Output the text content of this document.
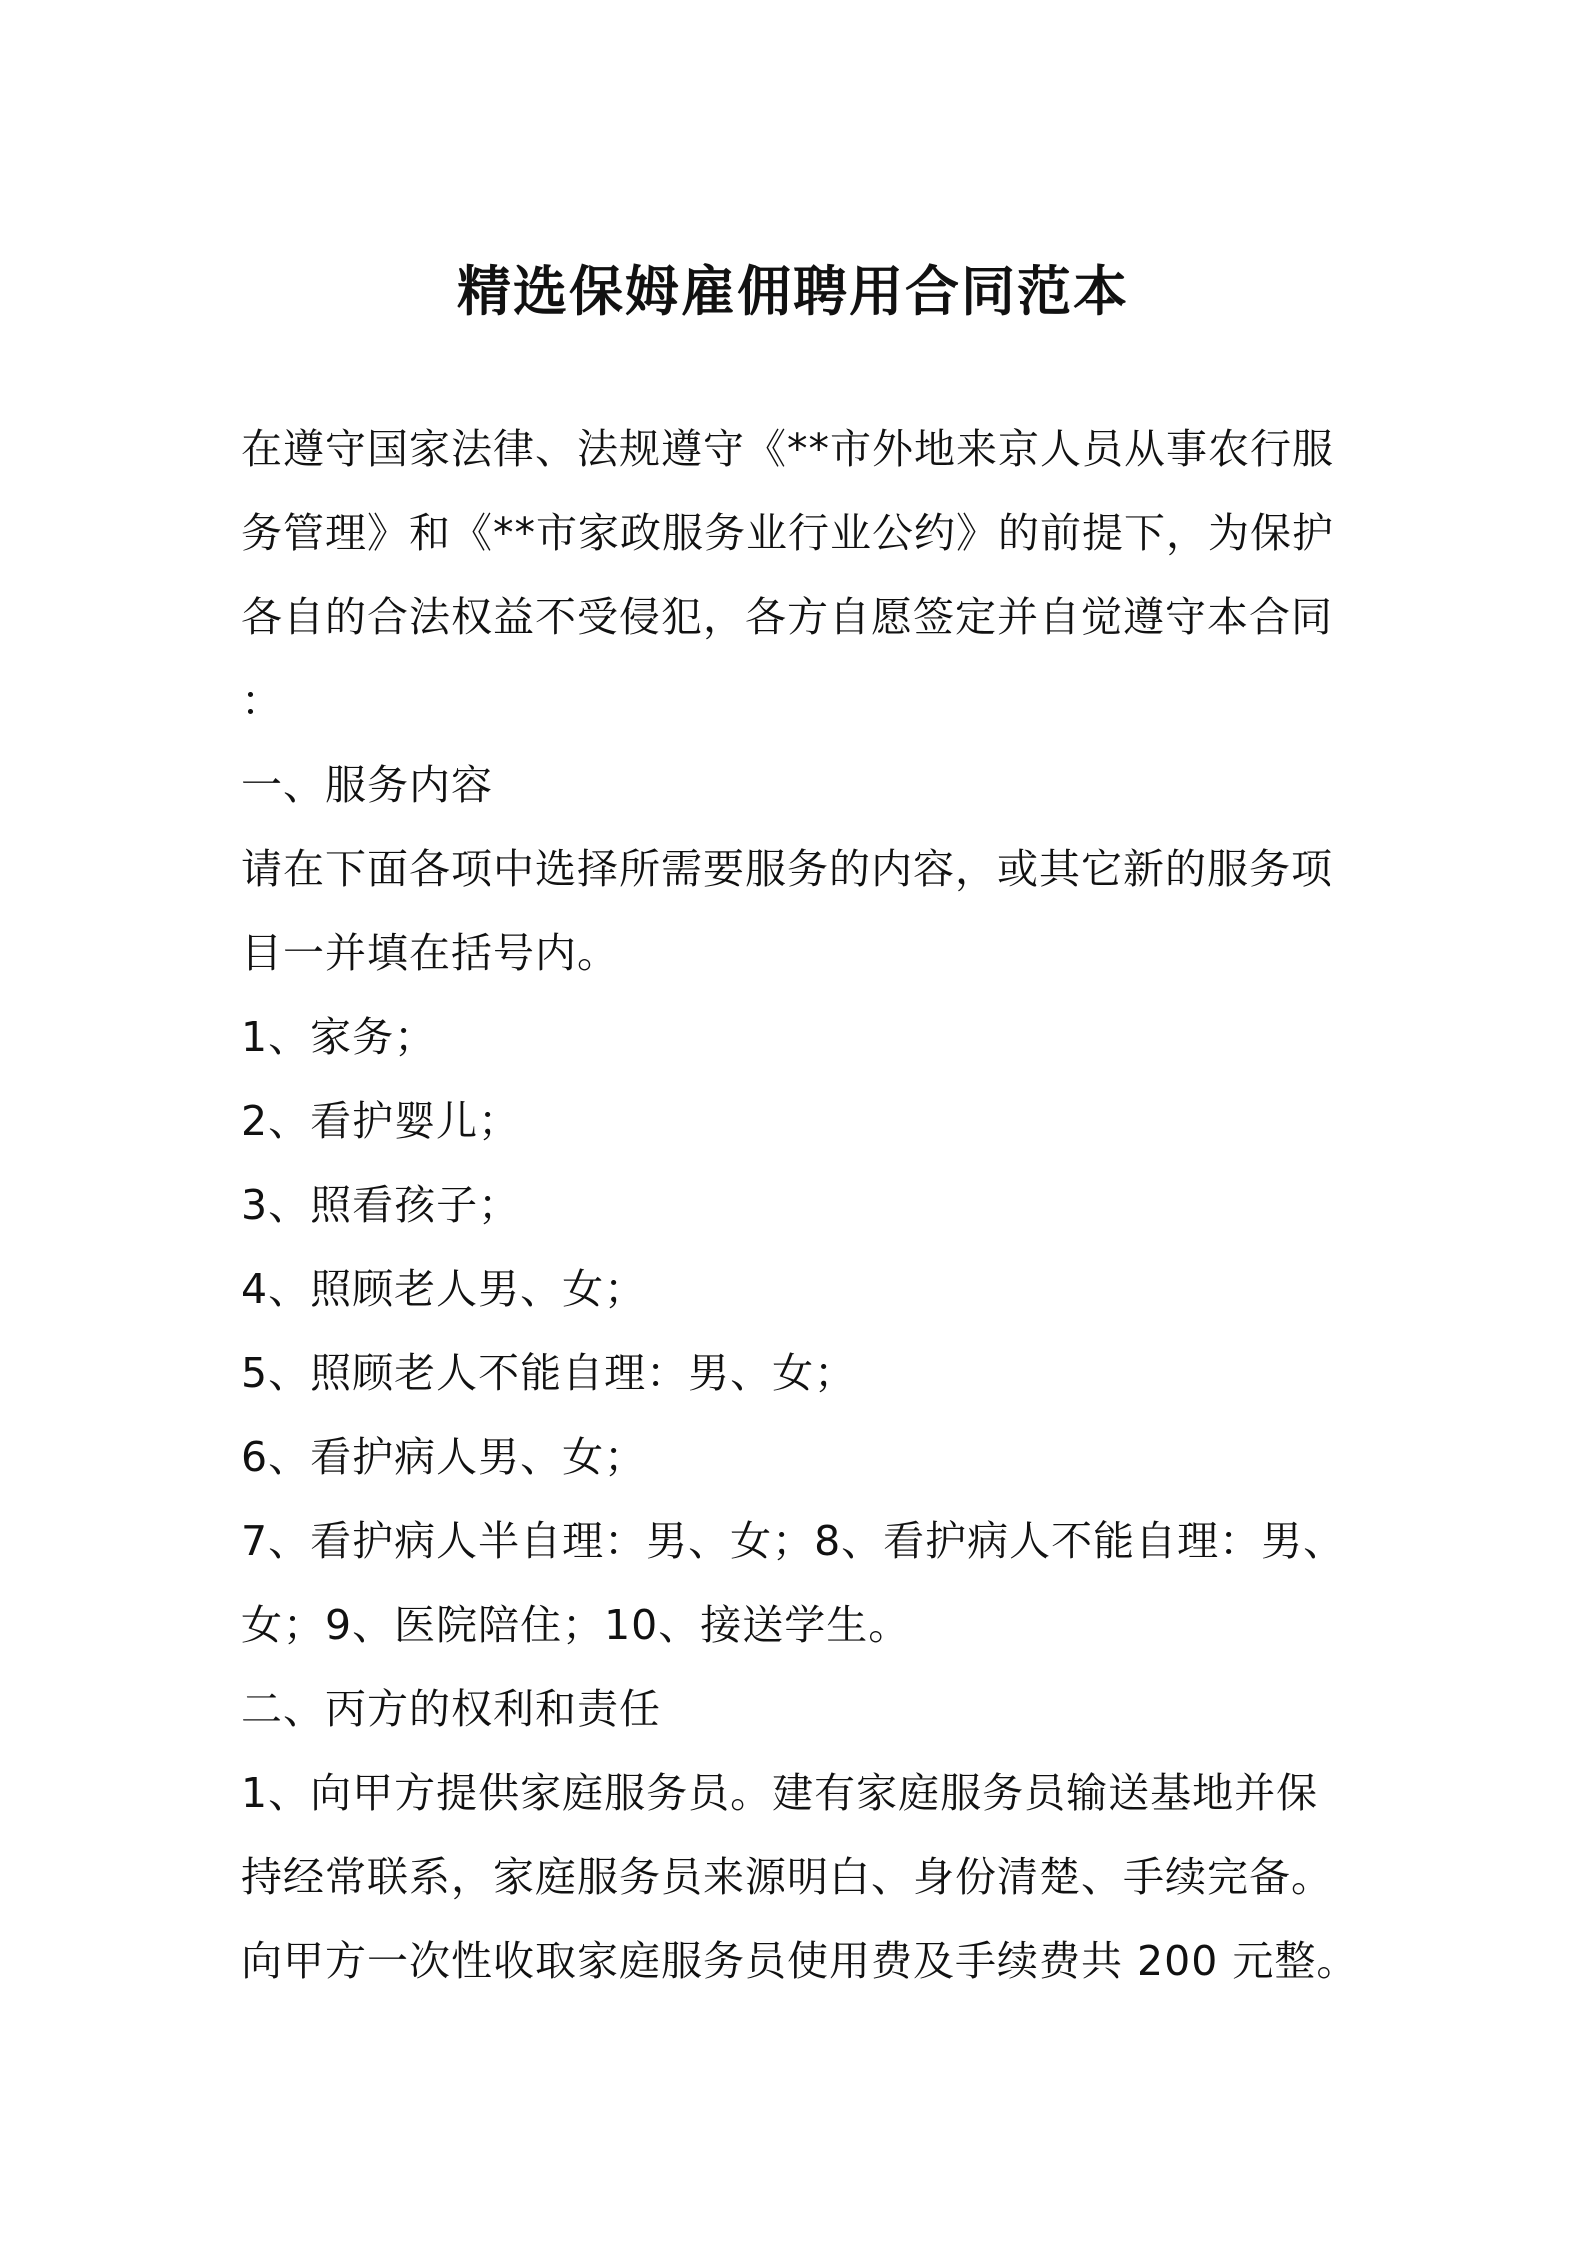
精选保姆雇佣聘用合同范本
在遵守国家法律、法规遵守《**市外地来京人员从事农行服
务管理》和《**市家政服务业行业公约》的前提下，为保护
各自的合法权益不受侵犯，各方自愿签定并自觉遵守本合同
：
一、服务内容
请在下面各项中选择所需要服务的内容，或其它新的服务项
目一并填在括号内。
1、家务；
2、看护婴儿；
3、照看孩子；
4、照顾老人男、女；
5、照顾老人不能自理：男、女；
6、看护病人男、女；
7、看护病人半自理：男、女；8、看护病人不能自理：男、
女；9、医院陪住；10、接送学生。
二、丙方的权利和责任
1、向甲方提供家庭服务员。建有家庭服务员输送基地并保
持经常联系，家庭服务员来源明白、身份清楚、手续完备。
向甲方一次性收取家庭服务员使用费及手续费共 200 元整。
